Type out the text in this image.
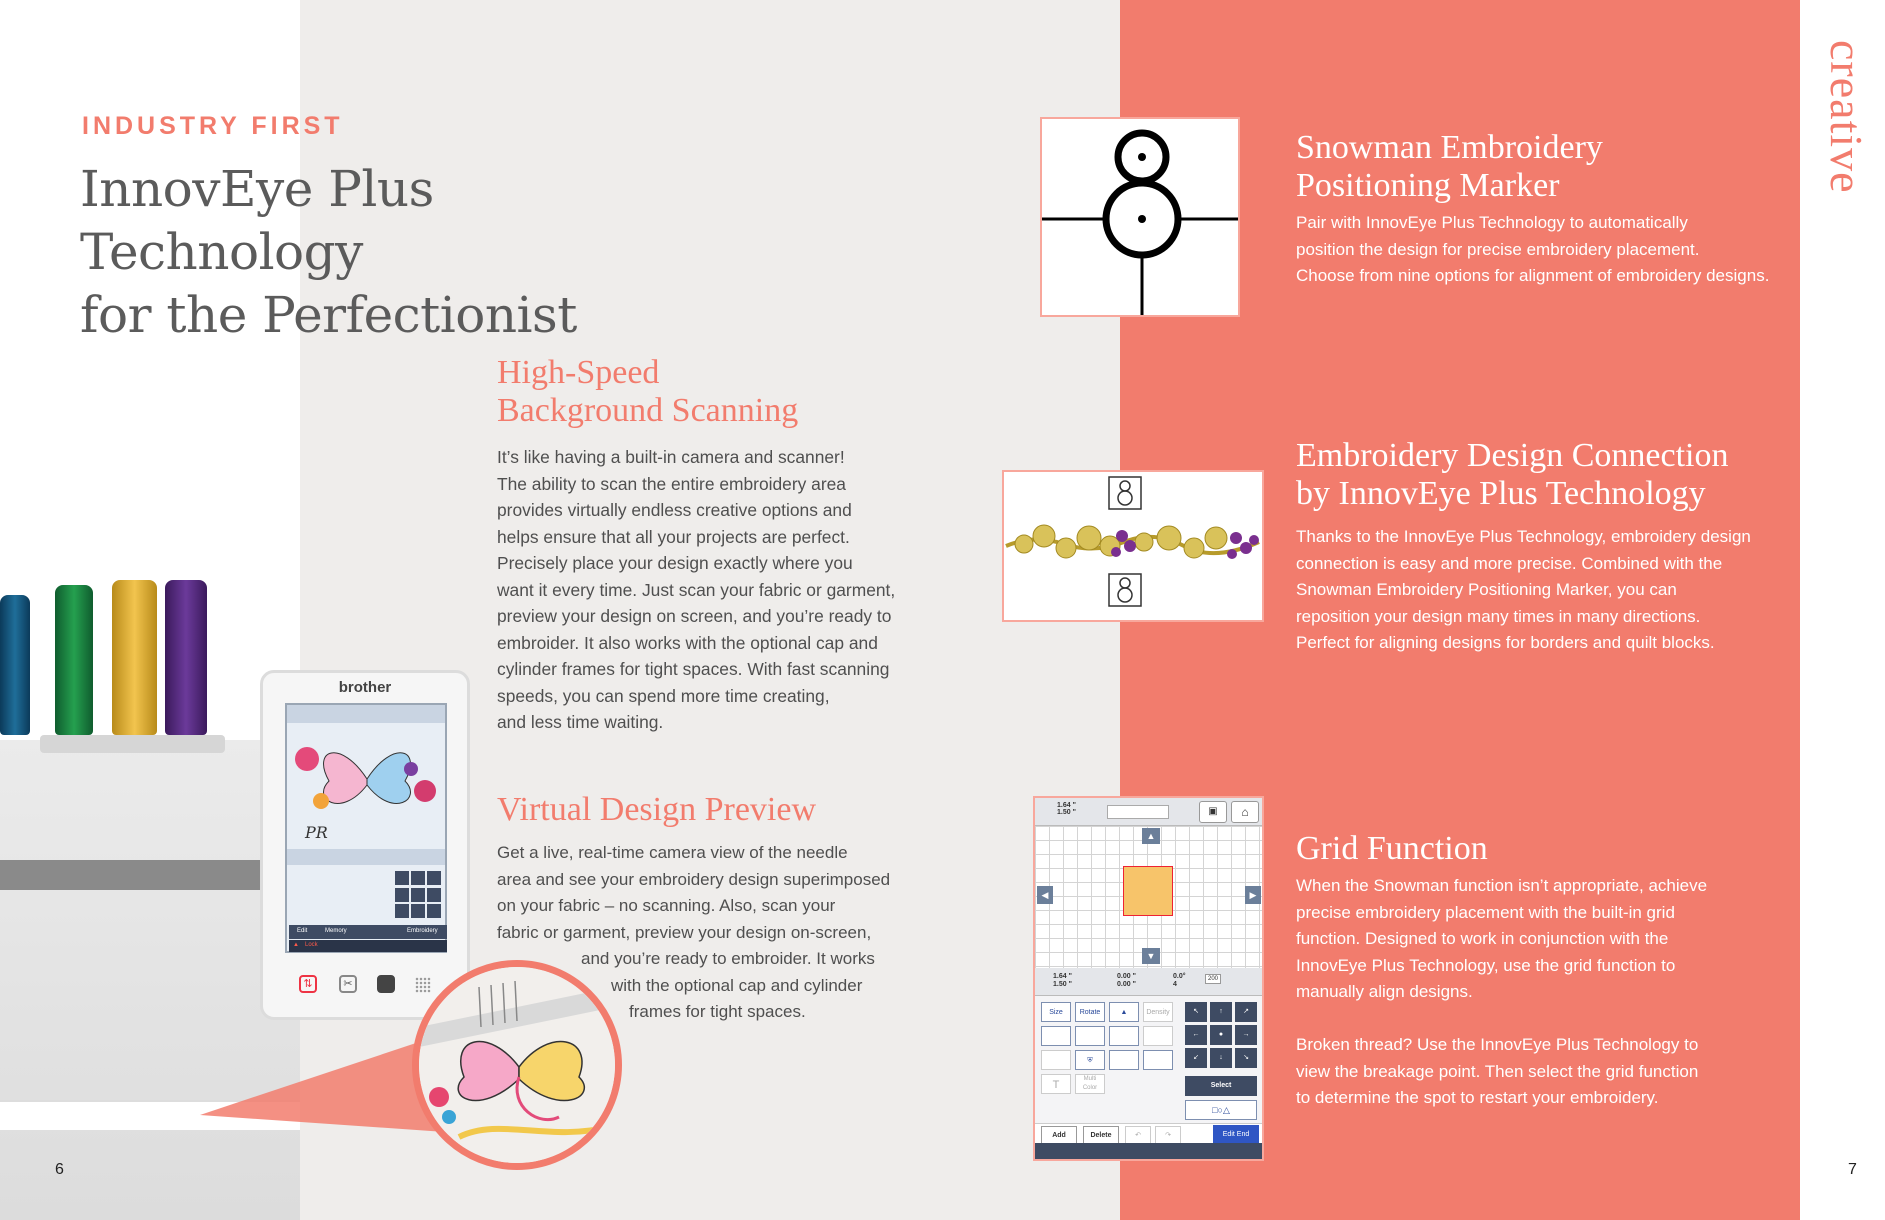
INDUSTRY FIRST
InnovEye Plus Technology
for the Perfectionist
creative
High-Speed
Background Scanning
It’s like having a built-in camera and scanner!
The ability to scan the entire embroidery area
provides virtually endless creative options and
helps ensure that all your projects are perfect.
Precisely place your design exactly where you
want it every time. Just scan your fabric or garment,
preview your design on screen, and you’re ready to
embroider. It also works with the optional cap and
cylinder frames for tight spaces. With fast scanning
speeds, you can spend more time creating,
and less time waiting.
Virtual Design Preview
Get a live, real-time camera view of the needle
area and see your embroidery design superimposed
on your fabric – no scanning. Also, scan your
fabric or garment, preview your design on-screen,
and you’re ready to embroider. It works
with the optional cap and cylinder
frames for tight spaces.
Snowman Embroidery
Positioning Marker
Pair with InnovEye Plus Technology to automatically
position the design for precise embroidery placement.
Choose from nine options for alignment of embroidery designs.
Embroidery Design Connection
by InnovEye Plus Technology
Thanks to the InnovEye Plus Technology, embroidery design
connection is easy and more precise. Combined with the
Snowman Embroidery Positioning Marker, you can
reposition your design many times in many directions.
Perfect for aligning designs for borders and quilt blocks.
1.64 "
1.50 "	▣	⌂
▲
▼
◀	▶
1.64 "
1.50 "
0.00 "
0.00 "
0.0°
4
200
Size	Rotate	▲	Density
⛨
T	Multi Color
↖	↑	↗
←	●	→
↙	↓	↘
Select
□○△
Add	Delete	↶	↷	Edit End
Grid Function
When the Snowman function isn’t appropriate, achieve
precise embroidery placement with the built-in grid
function. Designed to work in conjunction with the
InnovEye Plus Technology, use the grid function to
manually align designs.
Broken thread? Use the InnovEye Plus Technology to
view the breakage point. Then select the grid function
to determine the spot to restart your embroidery.
brother
PR
Edit	Memory	Embroidery
▲ Lock
⇅	✂
6	7
